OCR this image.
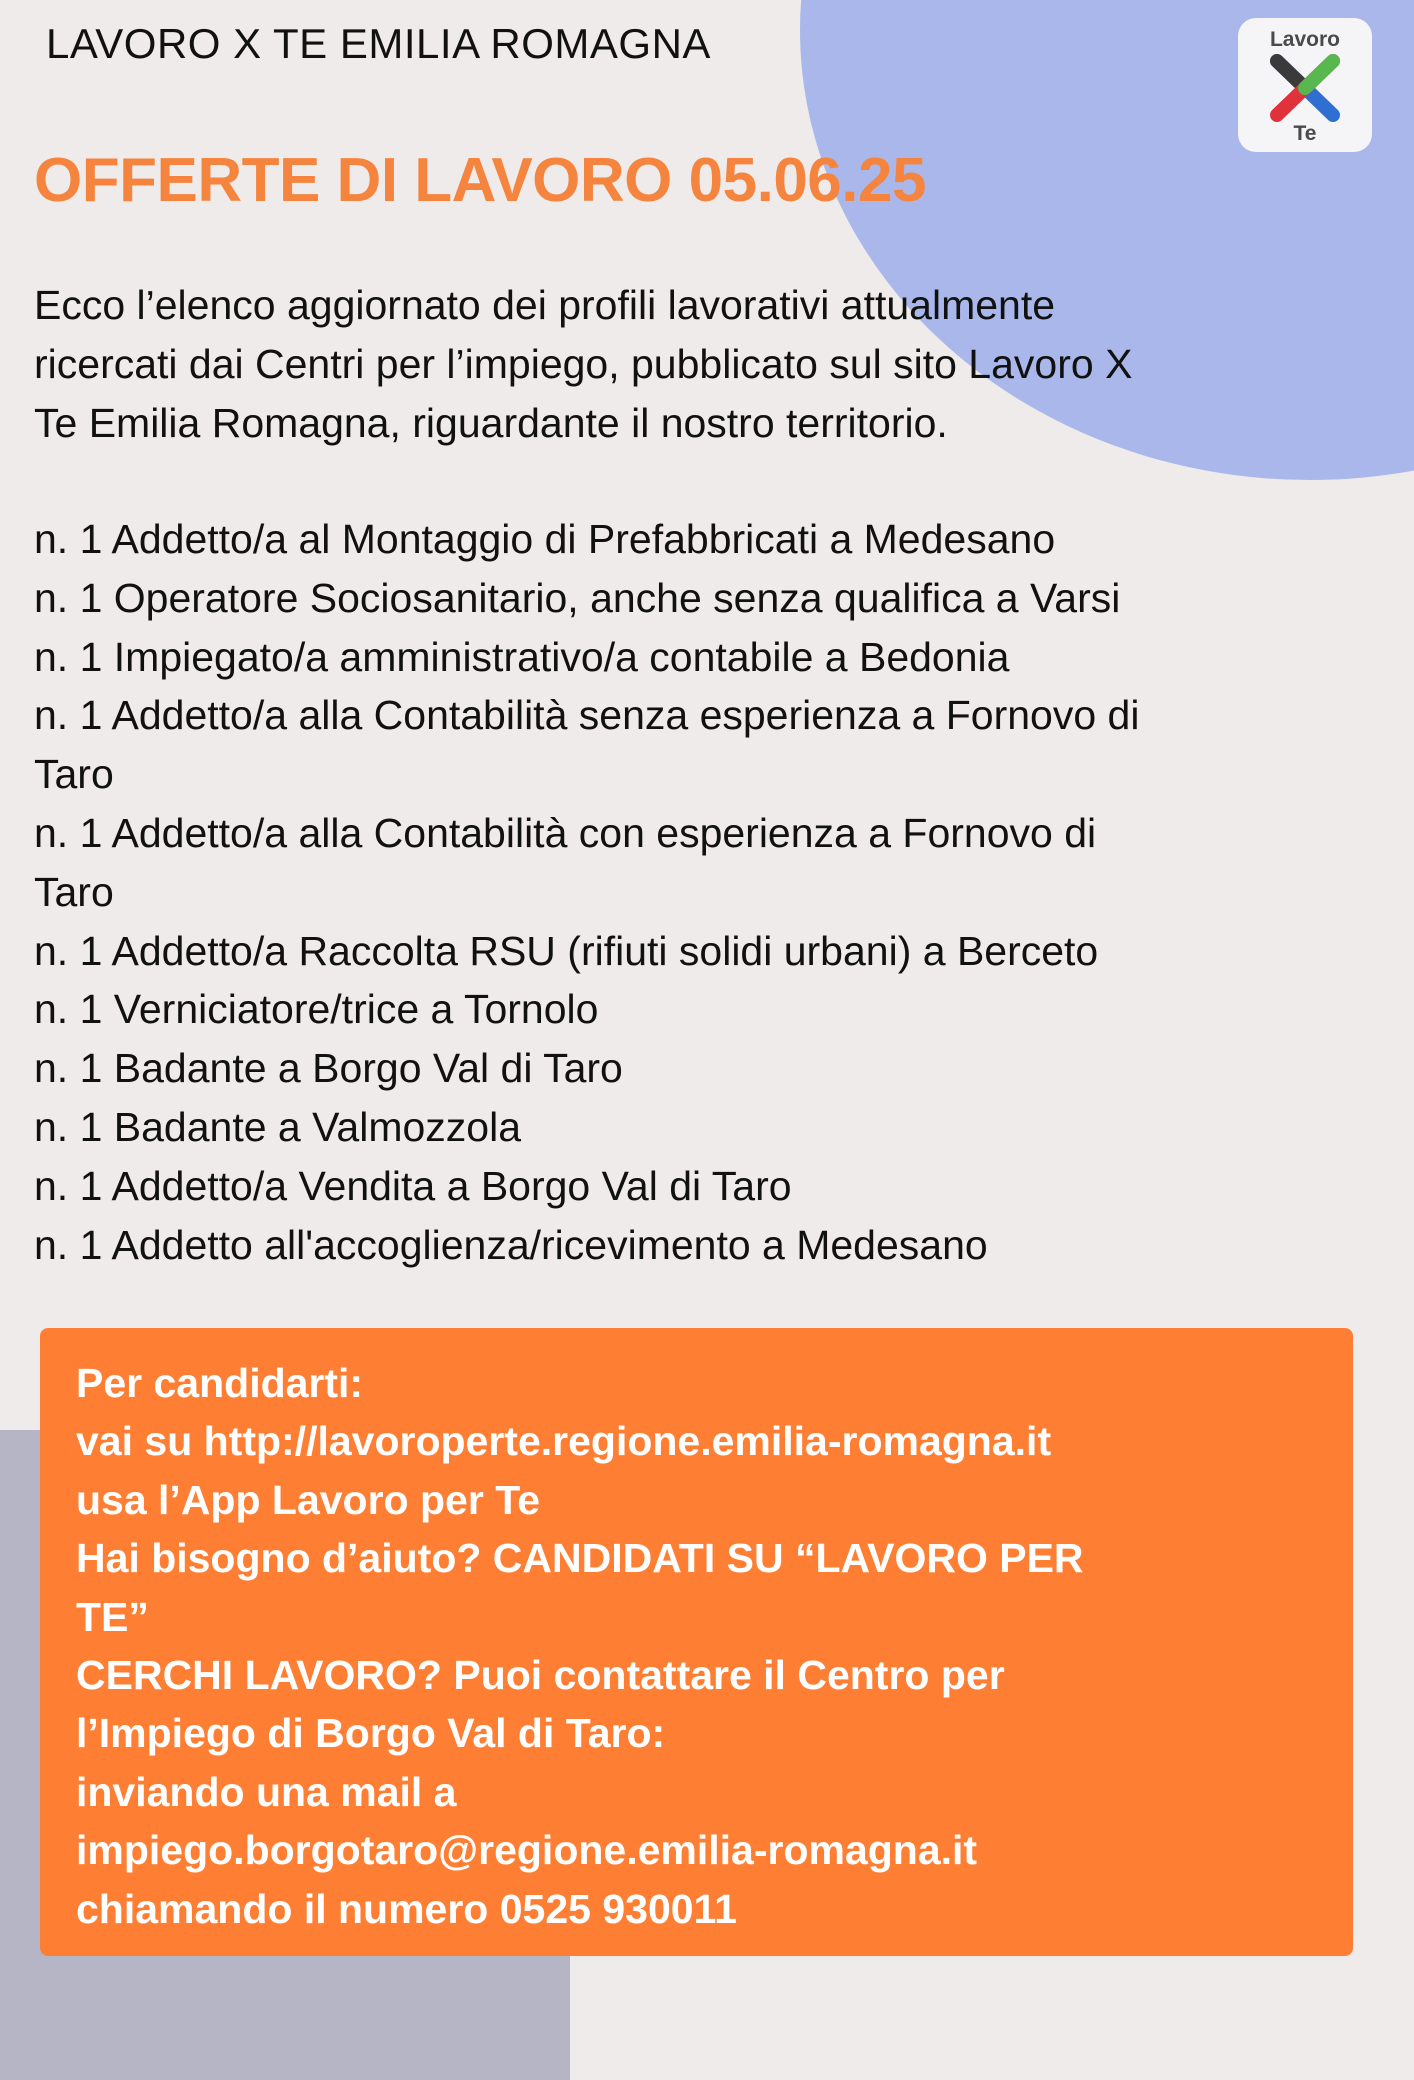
LAVORO X TE EMILIA ROMAGNA	Lavoro
Te
OFFERTE DI LAVORO 05.06.25
Ecco l’elenco aggiornato dei profili lavorativi attualmente
ricercati dai Centri per l’impiego, pubblicato sul sito Lavoro X
Te Emilia Romagna, riguardante il nostro territorio.
n. 1 Addetto/a al Montaggio di Prefabbricati a Medesano
n. 1 Operatore Sociosanitario, anche senza qualifica a Varsi
n. 1 Impiegato/a amministrativo/a contabile a Bedonia
n. 1 Addetto/a alla Contabilità senza esperienza a Fornovo di
Taro
n. 1 Addetto/a alla Contabilità con esperienza a Fornovo di
Taro
n. 1 Addetto/a Raccolta RSU (rifiuti solidi urbani) a Berceto
n. 1 Verniciatore/trice a Tornolo
n. 1 Badante a Borgo Val di Taro
n. 1 Badante a Valmozzola
n. 1 Addetto/a Vendita a Borgo Val di Taro
n. 1 Addetto all'accoglienza/ricevimento a Medesano
Per candidarti:
vai su http://lavoroperte.regione.emilia-romagna.it
usa l’App Lavoro per Te
Hai bisogno d’aiuto? CANDIDATI SU “LAVORO PER
TE”
CERCHI LAVORO? Puoi contattare il Centro per
l’Impiego di Borgo Val di Taro:
inviando una mail a
impiego.borgotaro@regione.emilia-romagna.it
chiamando il numero 0525 930011
